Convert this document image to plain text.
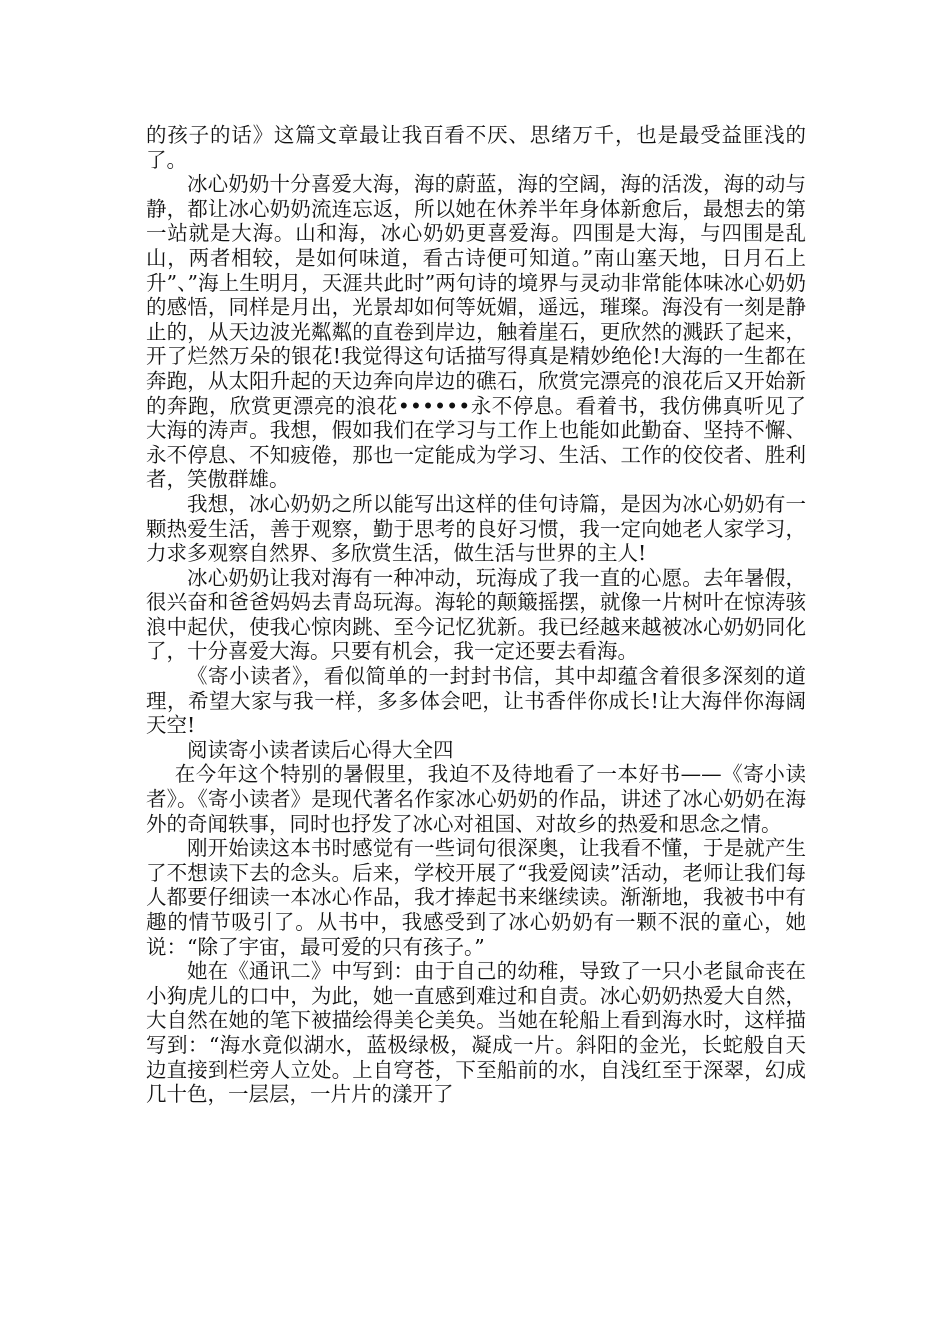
的孩子的话》这篇文章最让我百看不厌、思绪万千，也是最受益匪浅的了。

冰心奶奶十分喜爱大海，海的蔚蓝，海的空阔，海的活泼，海的动与静，都让冰心奶奶流连忘返，所以她在休养半年身体新愈后，最想去的第一站就是大海。山和海，冰心奶奶更喜爱海。四围是大海，与四围是乱山，两者相较，是如何味道，看古诗便可知道。”南山塞天地，日月石上升”、”海上生明月，天涯共此时”两句诗的境界与灵动非常能体味冰心奶奶的感悟，同样是月出，光景却如何等妩媚，遥远，璀璨。海没有一刻是静止的，从天边波光粼粼的直卷到岸边，触着崖石，更欣然的溅跃了起来，开了烂然万朵的银花!我觉得这句话描写得真是精妙绝伦!大海的一生都在奔跑，从太阳升起的天边奔向岸边的礁石，欣赏完漂亮的浪花后又开始新的奔跑，欣赏更漂亮的浪花••••••永不停息。看着书，我仿佛真听见了大海的涛声。我想，假如我们在学习与工作上也能如此勤奋、坚持不懈、永不停息、不知疲倦，那也一定能成为学习、生活、工作的佼佼者、胜利者，笑傲群雄。

我想，冰心奶奶之所以能写出这样的佳句诗篇，是因为冰心奶奶有一颗热爱生活，善于观察，勤于思考的良好习惯，我一定向她老人家学习，力求多观察自然界、多欣赏生活，做生活与世界的主人!

冰心奶奶让我对海有一种冲动，玩海成了我一直的心愿。去年暑假，很兴奋和爸爸妈妈去青岛玩海。海轮的颠簸摇摆，就像一片树叶在惊涛骇浪中起伏，使我心惊肉跳、至今记忆犹新。我已经越来越被冰心奶奶同化了，十分喜爱大海。只要有机会，我一定还要去看海。

《寄小读者》，看似简单的一封封书信，其中却蕴含着很多深刻的道理，希望大家与我一样，多多体会吧，让书香伴你成长!让大海伴你海阔天空!

阅读寄小读者读后心得大全四

在今年这个特别的暑假里，我迫不及待地看了一本好书——《寄小读者》。《寄小读者》是现代著名作家冰心奶奶的作品，讲述了冰心奶奶在海外的奇闻轶事，同时也抒发了冰心对祖国、对故乡的热爱和思念之情。

刚开始读这本书时感觉有一些词句很深奥，让我看不懂，于是就产生了不想读下去的念头。后来，学校开展了“我爱阅读”活动，老师让我们每人都要仔细读一本冰心作品，我才捧起书来继续读。渐渐地，我被书中有趣的情节吸引了。从书中，我感受到了冰心奶奶有一颗不泯的童心，她说：“除了宇宙，最可爱的只有孩子。”

她在《通讯二》中写到：由于自己的幼稚，导致了一只小老鼠命丧在小狗虎儿的口中，为此，她一直感到难过和自责。冰心奶奶热爱大自然，大自然在她的笔下被描绘得美仑美奂。当她在轮船上看到海水时，这样描写到：“海水竟似湖水，蓝极绿极，凝成一片。斜阳的金光，长蛇般自天边直接到栏旁人立处。上自穹苍，下至船前的水，自浅红至于深翠，幻成几十色，一层层，一片片的漾开了
